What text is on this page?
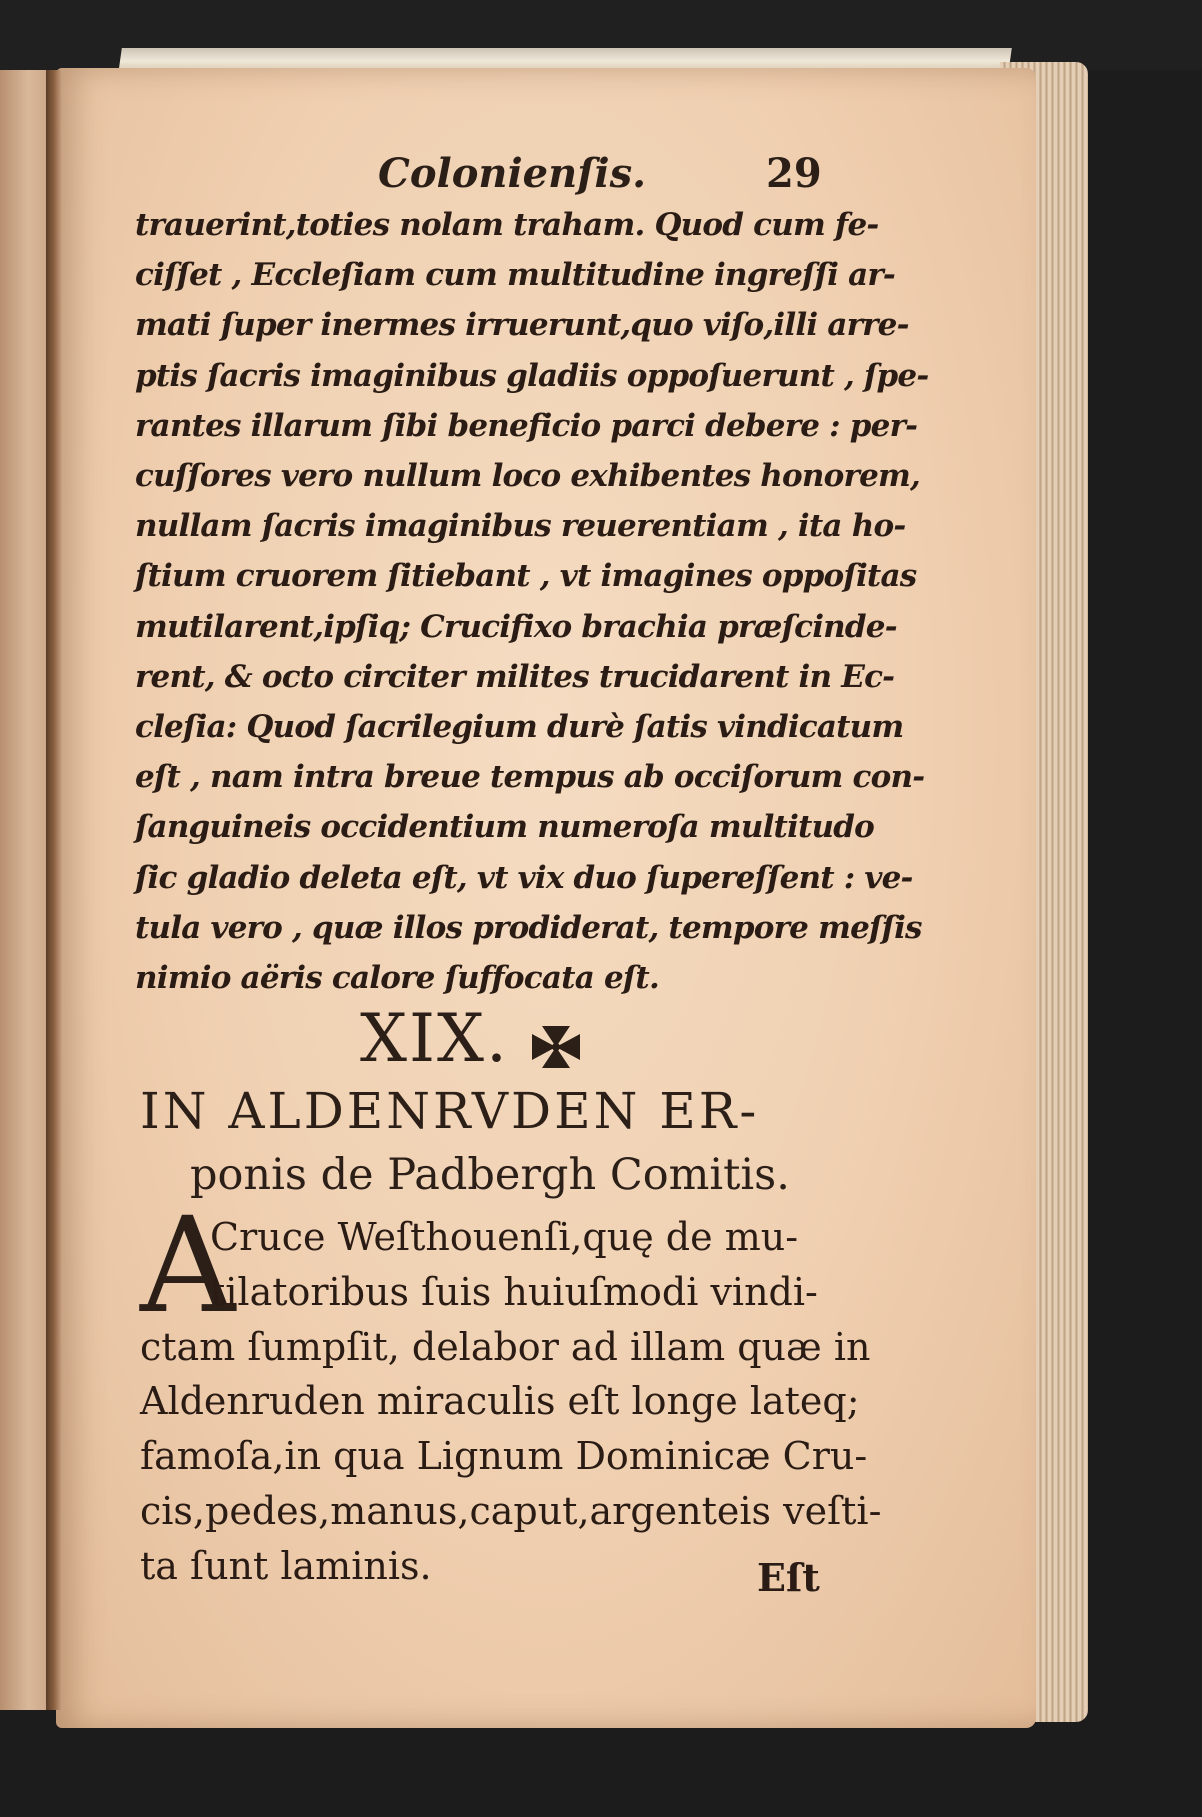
Colonienſis.	29
trauerint,toties nolam traham. Quod cum fe-
ciſſet , Eccleſiam cum multitudine ingreſſi ar-
mati ſuper inermes irruerunt,quo viſo,illi arre-
ptis ſacris imaginibus gladiis oppoſuerunt , ſpe-
rantes illarum ſibi beneficio parci debere : per-
cuſſores vero nullum loco exhibentes honorem,
nullam ſacris imaginibus reuerentiam , ita ho-
ſtium cruorem ſitiebant , vt imagines oppoſitas
mutilarent,ipſiq; Crucifixo brachia præſcinde-
rent, & octo circiter milites trucidarent in Ec-
cleſia: Quod ſacrilegium durè ſatis vindicatum
eſt , nam intra breue tempus ab occiſorum con-
ſanguineis occidentium numeroſa multitudo
ſic gladio deleta eſt, vt vix duo ſupereſſent : ve-
tula vero , quæ illos prodiderat, tempore meſſis
nimio aëris calore ſuffocata eſt.
XIX.
IN ALDENRVDEN ER-
ponis de Padbergh Comitis.
A
Cruce Weſthouenſi,quę de mu-
tilatoribus ſuis huiuſmodi vindi-
ctam ſumpſit, delabor ad illam quæ in
Aldenruden miraculis eſt longe lateq;
famoſa,in qua Lignum Dominicæ Cru-
cis,pedes,manus,caput,argenteis veſti-
ta ſunt laminis.	Eſt
